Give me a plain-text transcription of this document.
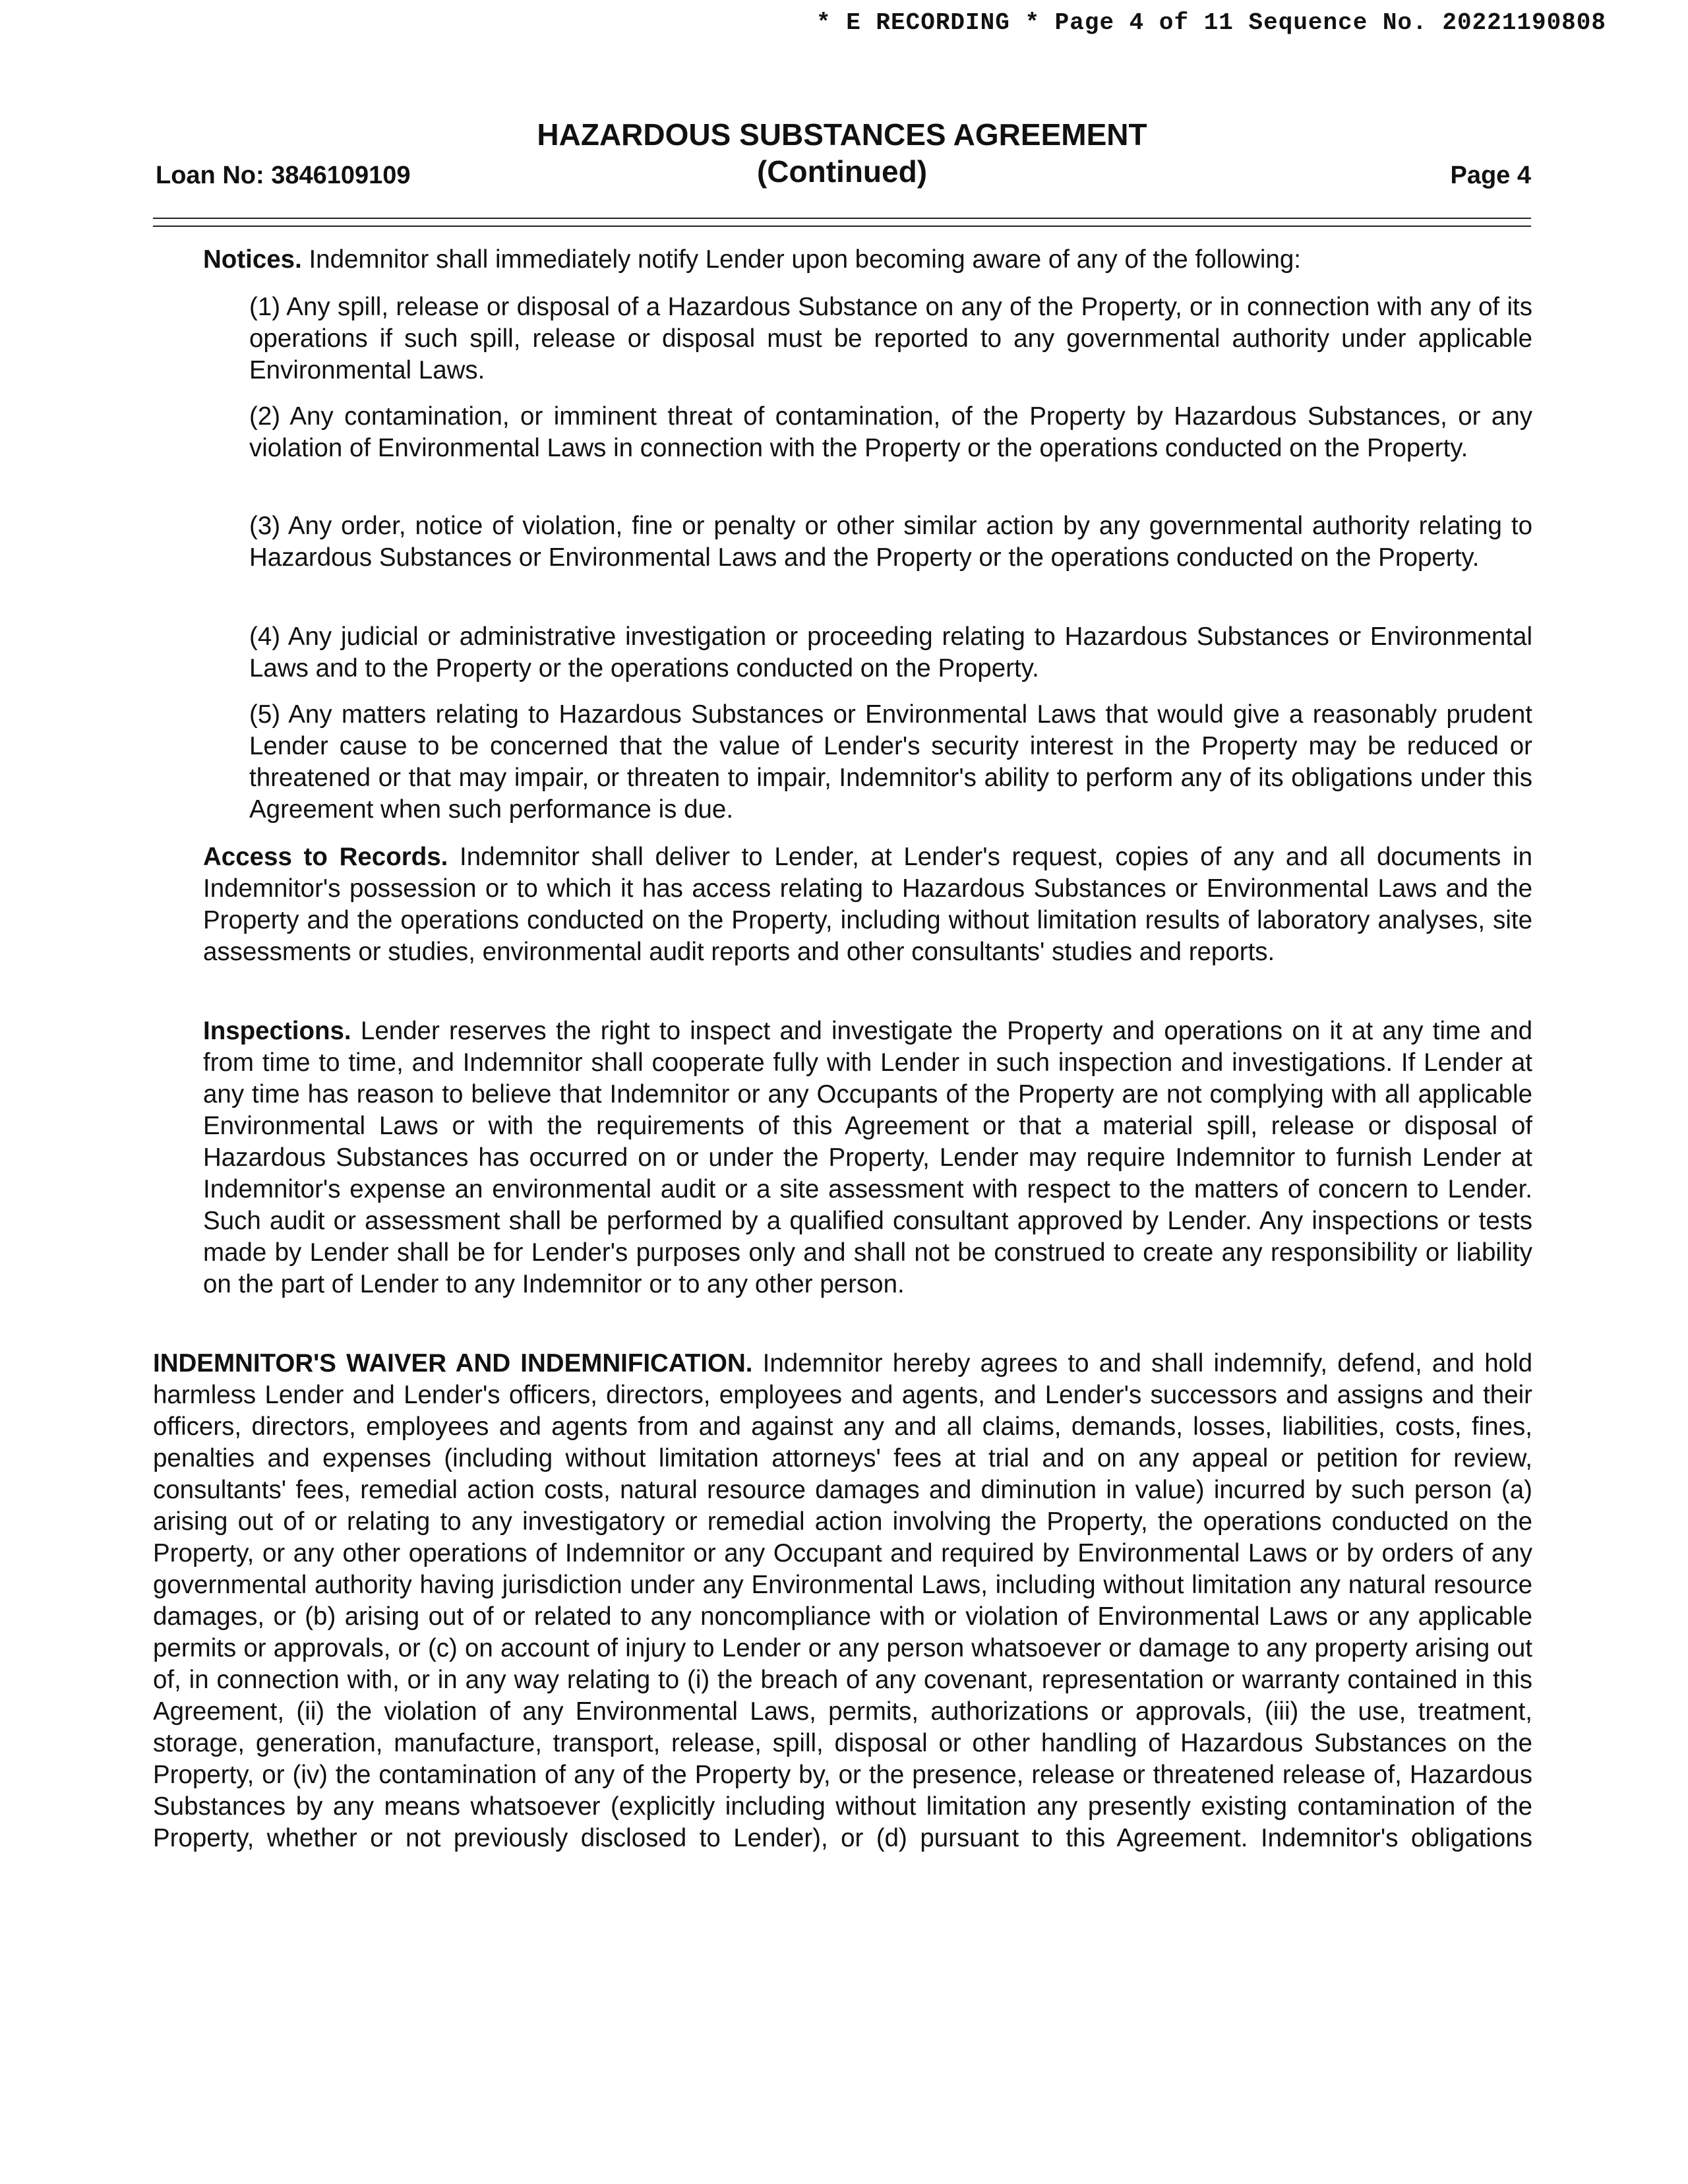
* E RECORDING * Page 4 of 11 Sequence No. 20221190808
HAZARDOUS SUBSTANCES AGREEMENT
(Continued)
Loan No: 3846109109	Page 4

Notices. Indemnitor shall immediately notify Lender upon becoming aware of any of the following:

(1) Any spill, release or disposal of a Hazardous Substance on any of the Property, or in connection with any of its operations if such spill, release or disposal must be reported to any governmental authority under applicable Environmental Laws.

(2) Any contamination, or imminent threat of contamination, of the Property by Hazardous Substances, or any violation of Environmental Laws in connection with the Property or the operations conducted on the Property.

(3) Any order, notice of violation, fine or penalty or other similar action by any governmental authority relating to Hazardous Substances or Environmental Laws and the Property or the operations conducted on the Property.

(4) Any judicial or administrative investigation or proceeding relating to Hazardous Substances or Environmental Laws and to the Property or the operations conducted on the Property.

(5) Any matters relating to Hazardous Substances or Environmental Laws that would give a reasonably prudent Lender cause to be concerned that the value of Lender's security interest in the Property may be reduced or threatened or that may impair, or threaten to impair, Indemnitor's ability to perform any of its obligations under this Agreement when such performance is due.

Access to Records. Indemnitor shall deliver to Lender, at Lender's request, copies of any and all documents in Indemnitor's possession or to which it has access relating to Hazardous Substances or Environmental Laws and the Property and the operations conducted on the Property, including without limitation results of laboratory analyses, site assessments or studies, environmental audit reports and other consultants' studies and reports.

Inspections. Lender reserves the right to inspect and investigate the Property and operations on it at any time and from time to time, and Indemnitor shall cooperate fully with Lender in such inspection and investigations. If Lender at any time has reason to believe that Indemnitor or any Occupants of the Property are not complying with all applicable Environmental Laws or with the requirements of this Agreement or that a material spill, release or disposal of Hazardous Substances has occurred on or under the Property, Lender may require Indemnitor to furnish Lender at Indemnitor's expense an environmental audit or a site assessment with respect to the matters of concern to Lender. Such audit or assessment shall be performed by a qualified consultant approved by Lender. Any inspections or tests made by Lender shall be for Lender's purposes only and shall not be construed to create any responsibility or liability on the part of Lender to any Indemnitor or to any other person.

INDEMNITOR'S WAIVER AND INDEMNIFICATION. Indemnitor hereby agrees to and shall indemnify, defend, and hold harmless Lender and Lender's officers, directors, employees and agents, and Lender's successors and assigns and their officers, directors, employees and agents from and against any and all claims, demands, losses, liabilities, costs, fines, penalties and expenses (including without limitation attorneys' fees at trial and on any appeal or petition for review, consultants' fees, remedial action costs, natural resource damages and diminution in value) incurred by such person (a) arising out of or relating to any investigatory or remedial action involving the Property, the operations conducted on the Property, or any other operations of Indemnitor or any Occupant and required by Environmental Laws or by orders of any governmental authority having jurisdiction under any Environmental Laws, including without limitation any natural resource damages, or (b) arising out of or related to any noncompliance with or violation of Environmental Laws or any applicable permits or approvals, or (c) on account of injury to Lender or any person whatsoever or damage to any property arising out of, in connection with, or in any way relating to (i) the breach of any covenant, representation or warranty contained in this Agreement, (ii) the violation of any Environmental Laws, permits, authorizations or approvals, (iii) the use, treatment, storage, generation, manufacture, transport, release, spill, disposal or other handling of Hazardous Substances on the Property, or (iv) the contamination of any of the Property by, or the presence, release or threatened release of, Hazardous Substances by any means whatsoever (explicitly including without limitation any presently existing contamination of the Property, whether or not previously disclosed to Lender), or (d) pursuant to this Agreement. Indemnitor's obligations
